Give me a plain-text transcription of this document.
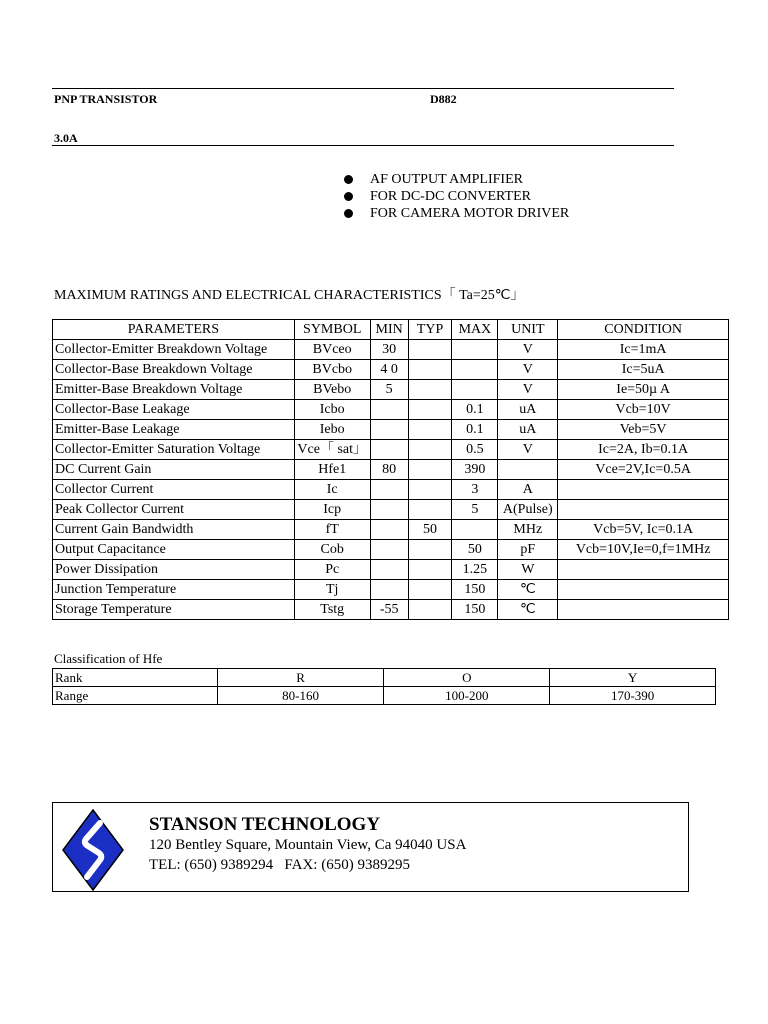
PNP TRANSISTOR	D882
3.0A
AF OUTPUT AMPLIFIER
FOR DC-DC CONVERTER
FOR CAMERA MOTOR DRIVER
MAXIMUM RATINGS AND ELECTRICAL CHARACTERISTICS「 Ta=25℃」
PARAMETERS	SYMBOL	MIN	TYP	MAX	UNIT	CONDITION
Collector-Emitter Breakdown Voltage	BVceo	30			V	Ic=1mA
Collector-Base Breakdown Voltage	BVcbo	4 0			V	Ic=5uA
Emitter-Base Breakdown Voltage	BVebo	5			V	Ie=50µ A
Collector-Base Leakage	Icbo			0.1	uA	Vcb=10V
Emitter-Base Leakage	Iebo			0.1	uA	Veb=5V
Collector-Emitter Saturation Voltage	Vce「 sat」			0.5	V	Ic=2A, Ib=0.1A
DC Current Gain	Hfe1	80		390		Vce=2V,Ic=0.5A
Collector Current	Ic			3	A	
Peak Collector Current	Icp			5	A(Pulse)	
Current Gain Bandwidth	fT		50		MHz	Vcb=5V, Ic=0.1A
Output Capacitance	Cob			50	pF	Vcb=10V,Ie=0,f=1MHz
Power Dissipation	Pc			1.25	W	
Junction Temperature	Tj			150	℃	
Storage Temperature	Tstg	-55		150	℃	
Classification of Hfe
Rank	R	O	Y
Range	80-160	100-200	170-390
STANSON TECHNOLOGY
120 Bentley Square, Mountain View, Ca 94040 USA
TEL: (650) 9389294   FAX: (650) 9389295
